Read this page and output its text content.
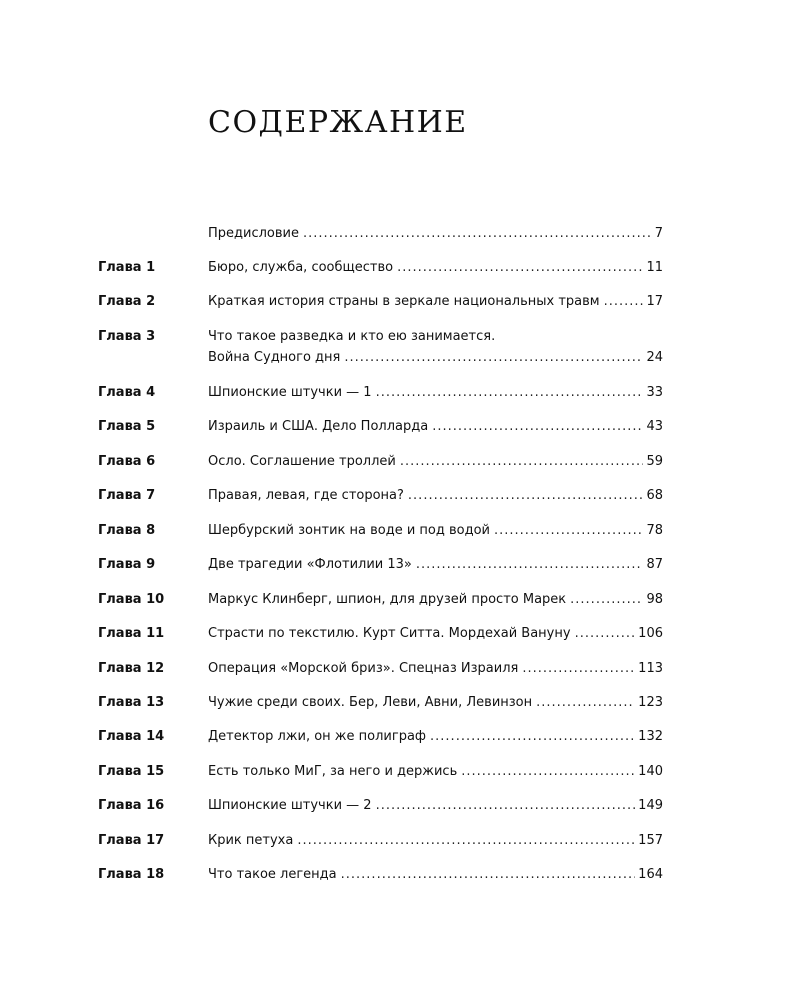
СОДЕРЖАНИЕ
Предисловие .....	7
Глава 1	Бюро, служба, сообщество .....	11
Глава 2	Краткая история страны в зеркале национальных травм .....	17
Глава 3	Что такое разведка и кто ею занимается.
Война Судного дня .....	24
Глава 4	Шпионские штучки — 1 .....	33
Глава 5	Израиль и США. Дело Полларда .....	43
Глава 6	Осло. Соглашение троллей .....	59
Глава 7	Правая, левая, где сторона? .....	68
Глава 8	Шербурский зонтик на воде и под водой .....	78
Глава 9	Две трагедии «Флотилии 13» .....	87
Глава 10	Маркус Клинберг, шпион, для друзей просто Марек .....	98
Глава 11	Страсти по текстилю. Курт Ситта. Мордехай Вануну .....	106
Глава 12	Операция «Морской бриз». Спецназ Израиля .....	113
Глава 13	Чужие среди своих. Бер, Леви, Авни, Левинзон .....	123
Глава 14	Детектор лжи, он же полиграф .....	132
Глава 15	Есть только МиГ, за него и держись .....	140
Глава 16	Шпионские штучки — 2 .....	149
Глава 17	Крик петуха .....	157
Глава 18	Что такое легенда .....	164
